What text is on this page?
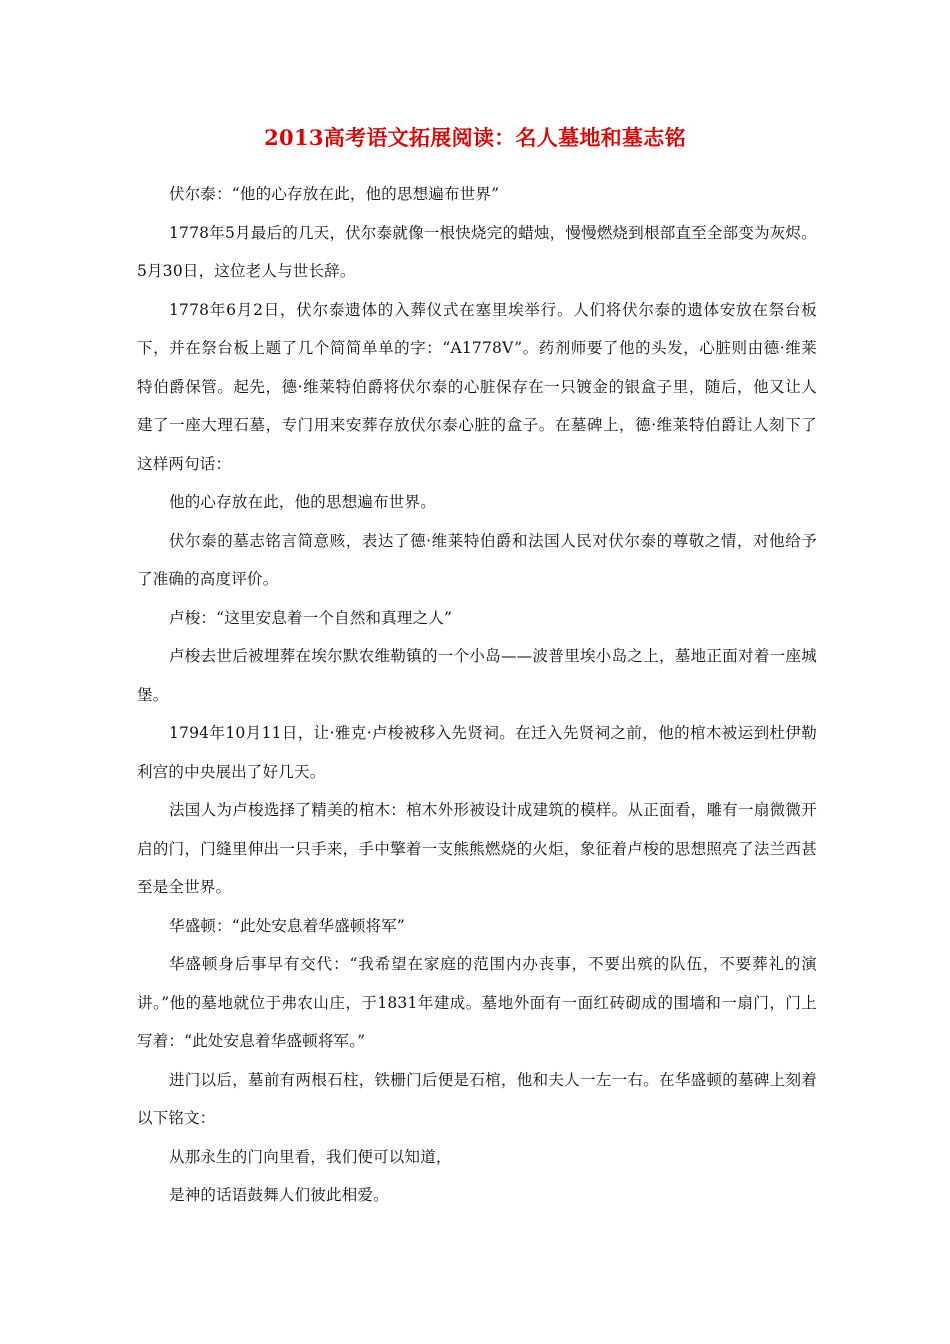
2013高考语文拓展阅读：名人墓地和墓志铭

伏尔泰：“他的心存放在此，他的思想遍布世界”

1778年5月最后的几天，伏尔泰就像一根快烧完的蜡烛，慢慢燃烧到根部直至全部变为灰烬。 5月30日，这位老人与世长辞。

1778年6月2日，伏尔泰遗体的入葬仪式在塞里埃举行。人们将伏尔泰的遗体安放在祭台板下，并在祭台板上题了几个简简单单的字：“A1778V”。药剂师要了他的头发，心脏则由德·维莱特伯爵保管。起先，德·维莱特伯爵将伏尔泰的心脏保存在一只镀金的银盒子里，随后，他又让人建了一座大理石墓，专门用来安葬存放伏尔泰心脏的盒子。在墓碑上，德·维莱特伯爵让人刻下了这样两句话：

他的心存放在此，他的思想遍布世界。

伏尔泰的墓志铭言简意赅，表达了德·维莱特伯爵和法国人民对伏尔泰的尊敬之情，对他给予了准确的高度评价。

卢梭：“这里安息着一个自然和真理之人”

卢梭去世后被埋葬在埃尔默农维勒镇的一个小岛——波普里埃小岛之上，墓地正面对着一座城堡。

1794年10月11日，让·雅克·卢梭被移入先贤祠。在迁入先贤祠之前，他的棺木被运到杜伊勒利宫的中央展出了好几天。

法国人为卢梭选择了精美的棺木：棺木外形被设计成建筑的模样。从正面看，雕有一扇微微开启的门，门缝里伸出一只手来，手中擎着一支熊熊燃烧的火炬，象征着卢梭的思想照亮了法兰西甚至是全世界。

华盛顿：“此处安息着华盛顿将军”

华盛顿身后事早有交代：“我希望在家庭的范围内办丧事，不要出殡的队伍，不要葬礼的演讲。”他的墓地就位于弗农山庄，于1831年建成。墓地外面有一面红砖砌成的围墙和一扇门，门上写着：“此处安息着华盛顿将军。”

进门以后，墓前有两根石柱，铁栅门后便是石棺，他和夫人一左一右。在华盛顿的墓碑上刻着以下铭文：

从那永生的门向里看，我们便可以知道，

是神的话语鼓舞人们彼此相爱。
